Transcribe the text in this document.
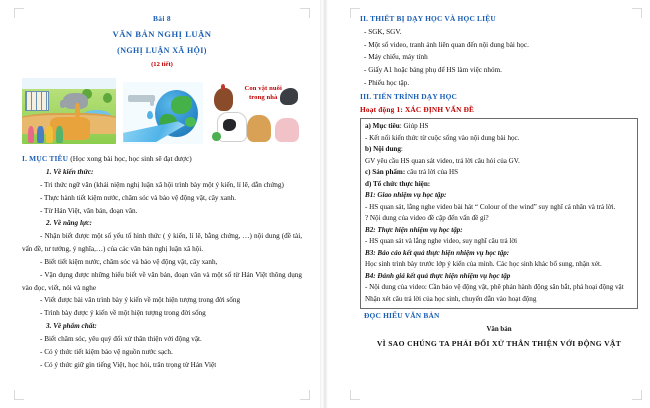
Bài 8
VĂN BẢN NGHỊ LUẬN
(NGHỊ LUẬN XÃ HỘI)
(12 tiết)
Con vật nuôi trong nhà
I. MỤC TIÊU (Học xong bài học, học sinh sẽ đạt được)

1. Về kiến thức:

- Tri thức ngữ văn (khái niệm nghị luận xã hội trình bày một ý kiến, lí lẽ, dẫn chứng)

- Thực hành tiết kiệm nước, chăm sóc và bảo vệ động vật, cây xanh.

- Từ Hán Việt, văn bản, đoạn văn.

2. Về năng lực:

- Nhận biết được một số yếu tố hình thức ( ý kiến, lí lẽ, bằng chứng, …) nội dung (đề tài, vấn đề, tư tưởng, ý nghĩa,…) của các văn bản nghị luận xã hội.

- Biết tiết kiệm nước, chăm sóc và bảo vệ động vật, cây xanh,

- Vận dụng được những hiểu biết về văn bản, đoạn văn và một số từ Hán Việt thông dụng vào đọc, viết, nói và nghe

- Viết được bài văn trình bày ý kiến về một hiện tượng trong đời sống

- Trình bày được ý kiến về một hiện tượng trong đời sống

3. Về phẩm chất:

- Biết chăm sóc, yêu quý đối xử thân thiện với động vật.

- Có ý thức tiết kiệm bảo vệ nguồn nước sạch.

- Có ý thức giữ gìn tiếng Việt, học hỏi, trân trọng từ Hán Việt

II. THIẾT BỊ DẠY HỌC VÀ HỌC LIỆU

- SGK, SGV.

- Một số video, tranh ảnh liên quan đến nội dung bài học.

- Máy chiếu, máy tính

- Giấy A1 hoặc bảng phụ để HS làm việc nhóm.

- Phiếu học tập.

III. TIẾN TRÌNH DẠY HỌC
Hoạt động 1: XÁC ĐỊNH VẤN ĐỀ

a) Mục tiêu: Giúp HS

- Kết nối kiến thức từ cuộc sống vào nội dung bài học.

b) Nội dung:

GV yêu cầu HS quan sát video, trả lời câu hỏi của GV.

c) Sản phẩm: câu trả lời của HS

d) Tổ chức thực hiện:

B1: Giao nhiệm vụ học tập:

- HS quan sát, lắng nghe video bài hát “ Colour of the wind” suy nghĩ cá nhân và trả lời.

? Nội dung của video đề cập đến vấn đề gì?

B2: Thực hiện nhiệm vụ học tập:

- HS quan sát và lắng nghe video, suy nghĩ câu trả lời

B3: Báo cáo kết quả thực hiện nhiệm vụ học tập:

Học sinh trình bày trước lớp ý kiến của mình. Các học sinh khác bổ sung, nhận xét.

B4: Đánh giá kết quả thực hiện nhiệm vụ học tập

- Nội dung của video: Cần bảo vệ động vật, phê phán hành động săn bắt, phá hoại động vật

Nhận xét câu trả lời của học sinh, chuyển dẫn vào hoạt động

ĐỌC HIỂU VĂN BẢN
Văn bản
VÌ SAO CHÚNG TA PHẢI ĐỐI XỬ THÂN THIỆN VỚI ĐỘNG VẬT
